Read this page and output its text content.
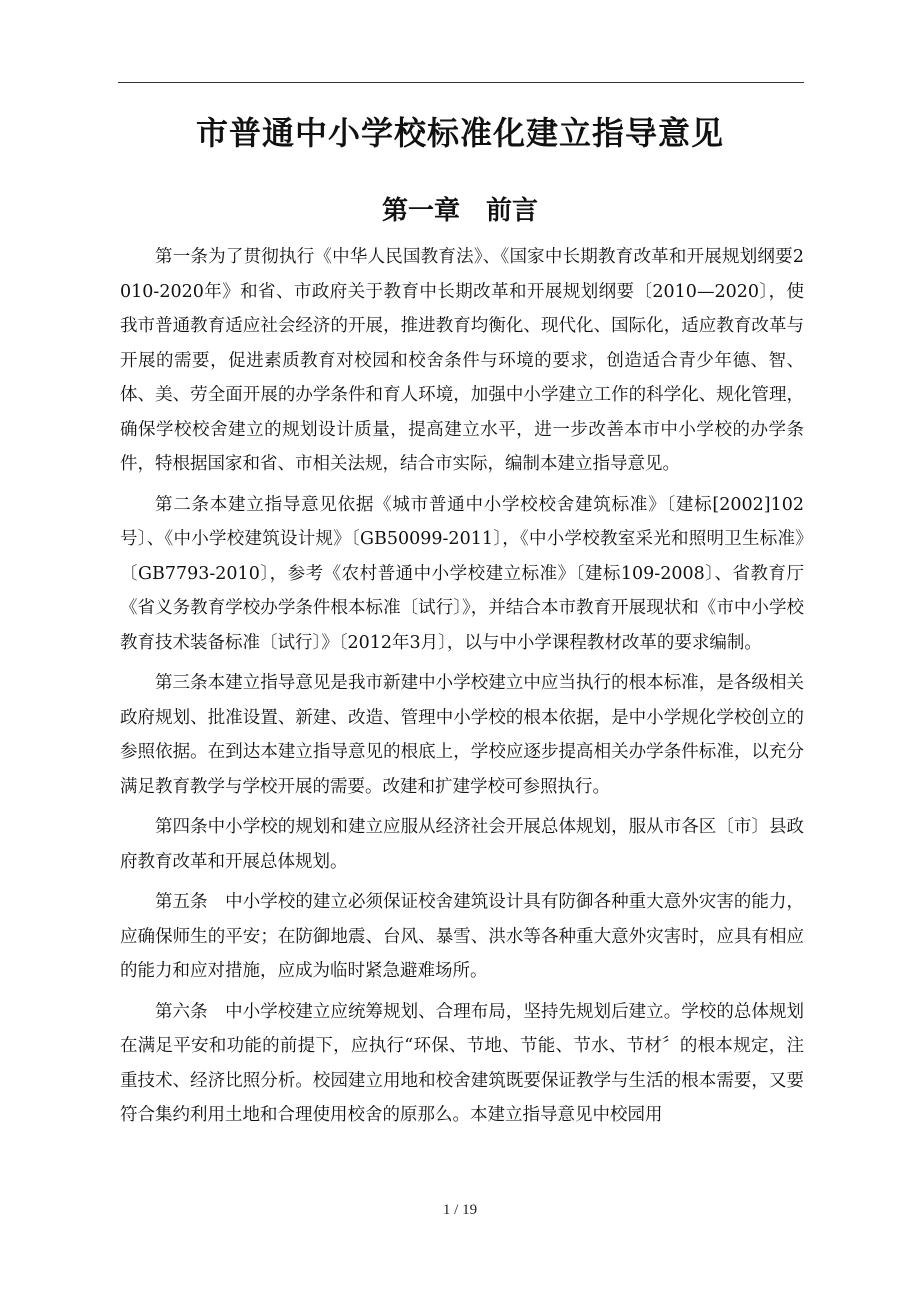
市普通中小学校标准化建立指导意见
第一章　前言

第一条为了贯彻执行《中华人民国教育法》、《国家中长期教育改革和开展规划纲要2010-2020年》和省、市政府关于教育中长期改革和开展规划纲要〔2010—2020〕，使我市普通教育适应社会经济的开展，推进教育均衡化、现代化、国际化，适应教育改革与开展的需要，促进素质教育对校园和校舍条件与环境的要求，创造适合青少年德、智、体、美、劳全面开展的办学条件和育人环境，加强中小学建立工作的科学化、规化管理，确保学校校舍建立的规划设计质量，提高建立水平，进一步改善本市中小学校的办学条件，特根据国家和省、市相关法规，结合市实际，编制本建立指导意见。

第二条本建立指导意见依据《城市普通中小学校校舍建筑标准》〔建标[2002]102号〕、《中小学校建筑设计规》〔GB50099-2011〕，《中小学校教室采光和照明卫生标准》〔GB7793-2010〕，参考《农村普通中小学校建立标准》〔建标109-2008〕、省教育厅《省义务教育学校办学条件根本标准〔试行〕》，并结合本市教育开展现状和《市中小学校教育技术装备标准〔试行〕》〔2012年3月〕，以与中小学课程教材改革的要求编制。

第三条本建立指导意见是我市新建中小学校建立中应当执行的根本标准，是各级相关政府规划、批准设置、新建、改造、管理中小学校的根本依据，是中小学规化学校创立的参照依据。在到达本建立指导意见的根底上，学校应逐步提高相关办学条件标准，以充分满足教育教学与学校开展的需要。改建和扩建学校可参照执行。

第四条中小学校的规划和建立应服从经济社会开展总体规划，服从市各区〔市〕县政府教育改革和开展总体规划。

第五条　中小学校的建立必须保证校舍建筑设计具有防御各种重大意外灾害的能力，应确保师生的平安；在防御地震、台风、暴雪、洪水等各种重大意外灾害时，应具有相应的能力和应对措施，应成为临时紧急避难场所。

第六条　中小学校建立应统筹规划、合理布局，坚持先规划后建立。学校的总体规划在满足平安和功能的前提下，应执行“环保、节地、节能、节水、节材〞的根本规定，注重技术、经济比照分析。校园建立用地和校舍建筑既要保证教学与生活的根本需要，又要符合集约利用土地和合理使用校舍的原那么。本建立指导意见中校园用

1 / 19
